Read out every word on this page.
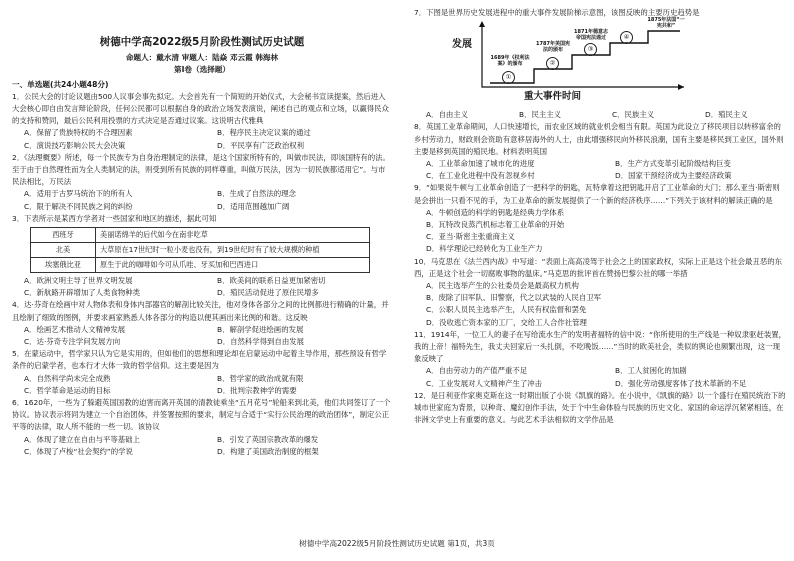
树德中学高2022级5月阶段性测试历史试题
命题人：戴水清 审题人：陆焱 邓云霞 韩海林
第Ⅰ卷（选择题）
一、单选题(共24小题48分)
1．公民大会的讨论议题由500人议事会事先拟定。大会首先有一个简短的开始仪式，大会秘书宣读提案，然后进入大会核心即自由发言辩论阶段，任何公民都可以根据自身的政治立场发表演说，阐述自己的观点和立场，以赢得民众的支持和赞同，最后公民利用投票的方式决定是否通过议案。这说明古代雅典
A．保留了贵族特权的不合理因素	B．程序民主决定议案的通过
C．演说技巧影响公民大会决策	D．平民享有广泛政治权利
2．《法理概要》所述，每一个民族专为自身治理制定的法律，是这个国家所特有的，叫做市民法，即该国特有的法。至于由于自然理性而为全人类制定的法，则受到所有民族的同样尊重，叫做万民法，因为一切民族都适用它”。与市民法相比，万民法
A．适用于古罗马统治下的所有人	B．生成了自然法的理念
C．限于解决不同民族之间的纠纷	D．适用范围越加广阔
3．下表所示是某西方学者对一些国家和地区的描述，据此可知
西班牙	美丽诺绵羊的后代如今在南非吃草
北美	大草原在17世纪时一粒小麦也没有，到19世纪时有了较大规模的种植
埃塞俄比亚	原生于此的咖啡如今可从爪哇、牙买加和巴西进口
A．欧洲文明主导了世界文明发展	B．欧美间的联系日益更加紧密切
C．新航路开辟增加了人类食物种类	D．殖民活动促进了原住民增多
4．达·芬奇在绘画中对人物体表和身体内部器官的解剖比较关注，他对身体各部分之间的比例都进行精确的计量，并且绘制了细致的图例，并要求画家熟悉人体各部分的构造以便其画出来比例的和谐。这反映
A．绘画艺术推动人文精神发展	B．解剖学促进绘画的发展
C．达·芬奇专注学问发展方向	D．自然科学得到自由发展
5．在蒙运动中，哲学家只认为它是实用的，但如他们的思想和理论却在启蒙运动中起着主导作用，那些预设有哲学条件的启蒙学者，也本行才大体一致的哲学信仰。这主要是因为
A．自然科学尚未完全成熟	B．哲学家的政治成就有限
C．哲学革命是运动的目标	D．批判宗教神学的需要
6．1620年，一些为了躲避英国国教的迫害而离开英国的清教徒乘坐“五月花号”轮船来到北美，他们共同签订了一个协议。协议表示将同为建立一个自治团体，并签署按照的要求，制定与合适于“实行公民治理的政治团体”，制定公正平等的法律，取人所不能的一些一切。该协议
A．体现了建立在自由与平等基础上	B．引发了英国宗教改革的爆发
C．体现了卢梭“社会契约”的学说	D．构建了美国政治制度的框架
7．下图是世界历史发展进程中的重大事件发展阶梯示意图，该图反映的主要历史趋势是
发展
重大事件时间
1689年《权利法案》的颁布
1787年美国宪法的颁布
1871年德意志帝国宪法通过
1875年法国“一宪共和”
①
②
③
④
A．自由主义	B．民主主义	C．民族主义	D．殖民主义
8．英国工业革命期间，人口快速增长，而农业区域的就业机会相当有限。英国为此设立了移民项目以转移富余的乡村劳动力，财政则会资助有意移居海外的人士，由此增强移民向外移民浪潮，国有主要是移民到工业区，国外则主要是移到英国的殖民地。材料表明英国
A．工业革命加速了城市化的进度	B．生产方式变革引起阶级结构巨变
C．在工业化进程中没有忽视乡村	D．国家干预经济成为主要经济政策
9．“如果说牛顿与工业革命创造了一把科学的钥匙，瓦特拿着这把钥匙开启了工业革命的大门；那么亚当·斯密则是会拼出一只看不见的手，为工业革命的新发展提供了一个新的经济秩序……”下列关于该材料的解读正确的是
A．牛顿创造的科学的钥匙是经典力学体系
B．瓦特改良蒸汽机标志着工业革命的开始
C．亚当·斯密主张重商主义
D．科学理论已经转化为工业生产力
10．马克思在《法兰西内战》中写道：“表面上高高凌驾于社会之上的国家政权，实际上正是这个社会最丑恶的东西，正是这个社会一切腐败事物的温床。”马克思的批评首在赞扬巴黎公社的哪一举措
A．民主选举产生的公社委员会是最高权力机构
B．废除了旧军队、旧警察，代之以武装的人民自卫军
C．公职人员民主选举产生，人民有权监督和罢免
D．没收逃亡资本家的工厂，交给工人合作社管理
11．1914年，一位工人的妻子在写给流水生产的发明者福特的信中说：“你所使用的生产线是一种奴隶驱赶装置，我的上帝！福特先生，我丈夫回家后一头扎倒，不吃晚饭……”当时的欧美社会，类似的舆论也频繁出现，这一现象反映了
A．自由劳动力的产值严重不足	B．工人贫困化的加剧
C．工业发展对人文精神产生了冲击	D．强化劳动强度客体了技术革新的不足
12．是日利亚作家奥克斯在这一时期出版了小说《凯旗的路》。在小说中，《凯旗的路》以一个盛行在殖民统治下的城市世家庭为背景，以种奇、魔幻创作手法，处于个中生命体验与民族的历史文化、家国的命运浮沉紧紧相连，在非洲文学史上有重要的意义。与此艺术手法相似的文学作品是
树德中学高2022级5月阶段性测试历史试题 第1页，共3页
